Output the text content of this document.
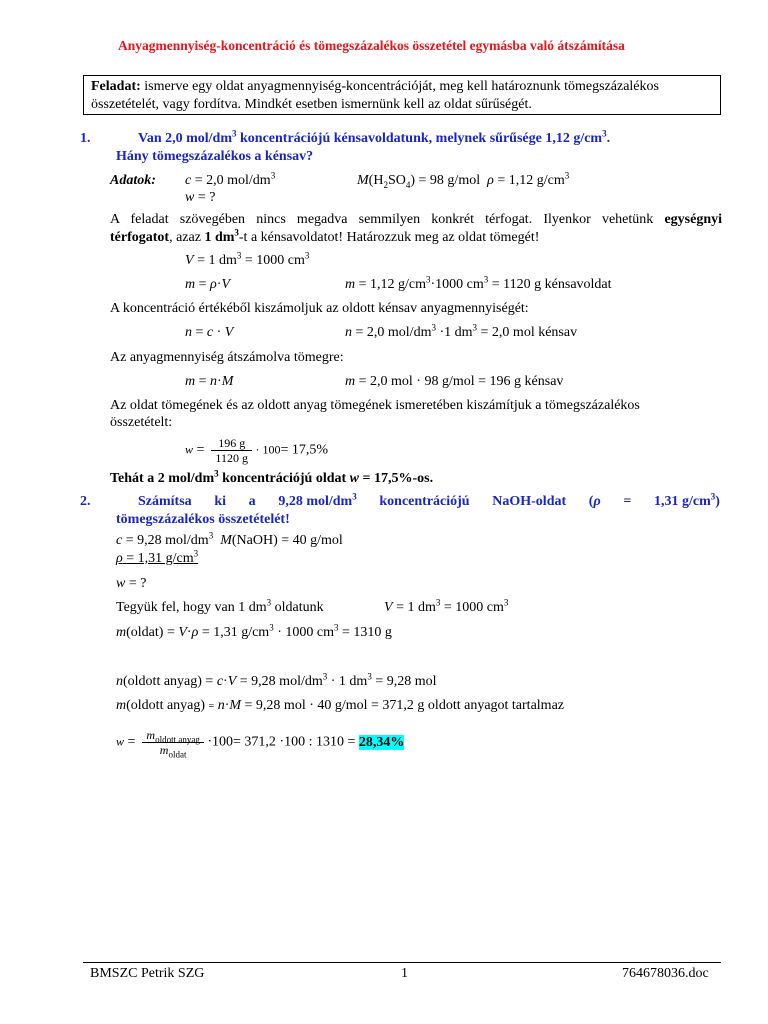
Anyagmennyiség-koncentráció és tömegszázalékos összetétel egymásba való átszámítása
Feladat: ismerve egy oldat anyagmennyiség-koncentrációját, meg kell határoznunk tömegszázalékos
összetételét, vagy fordítva. Mindkét esetben ismernünk kell az oldat sűrűségét.
1.	Van 2,0 mol/$dm^3$ koncentrációjú kénsavoldatunk, melynek sűrűsége 1,12 $g/cm^3$.
Hány tömegszázalékos a kénsav?
Adatok: c = 2,0 mol/$dm^3$	$M(H_2SO_4) = 98$ g/mol ρ = 1,12 $g/cm^3$
w = ?
A feladat szövegében nincs megadva semmilyen konkrét térfogat. Ilyenkor vehetünk egységnyi
térfogatot, azaz 1 $dm^3-t$ a kénsavoldatot! Határozzuk meg az oldat tömegét!
V = 1 $dm^3 = 1000$ $cm^3$
m = ρ·V	m = 1,12 $g/cm^3\cdot 1000$ $cm^3 = 1120$ g kénsavoldat
A koncentráció értékéből kiszámoljuk az oldott kénsav anyagmennyiségét:
n = c · V	n = 2,0 mol/$dm^3 \cdot 1$ $dm^3 = 2,0$ mol kénsav
Az anyagmennyiség átszámolva tömegre:
m = n·M	m = 2,0 mol · 98 g/mol = 196 g kénsav
Az oldat tömegének és az oldott anyag tömegének ismeretében kiszámítjuk a tömegszázalékos
összetételt:
$w = \frac{196 g}{1120 g} \cdot 100= 17,5\%$
Tehát a 2 mol/$dm^3$ koncentrációjú oldat w = 17,5%-os.
2.	Számítsa ki a 9,28 mol/$dm^3$ koncentrációjú NaOH-oldat (ρ = 1,31 $g/cm^3$)
tömegszázalékos összetételét!
c = 9,28 mol/$dm^3$ M(NaOH) = 40 g/mol
ρ = 1,31 $g/cm^3$
w = ?
Tegyük fel, hogy van 1 $dm^3$ oldatunk	V = 1 $dm^3 = 1000$ $cm^3$
m(oldat) = V·ρ = 1,31 $g/cm^3 \cdot 1000$ $cm^3 = 1310$ g
n(oldott anyag) = c·V = 9,28 mol/$dm^3 \cdot 1$ $dm^3 = 9,28$ mol
m(oldott anyag) = n·M = 9,28 mol · 40 g/mol = 371,2 g oldott anyagot tartalmaz
$w = \frac{m_{oldott anyag}}{m_{oldat}} \cdot 100= 371,2 \cdot 100$ : 1310 = 28,34%
BMSZC Petrik SZG	1	764678036.doc
